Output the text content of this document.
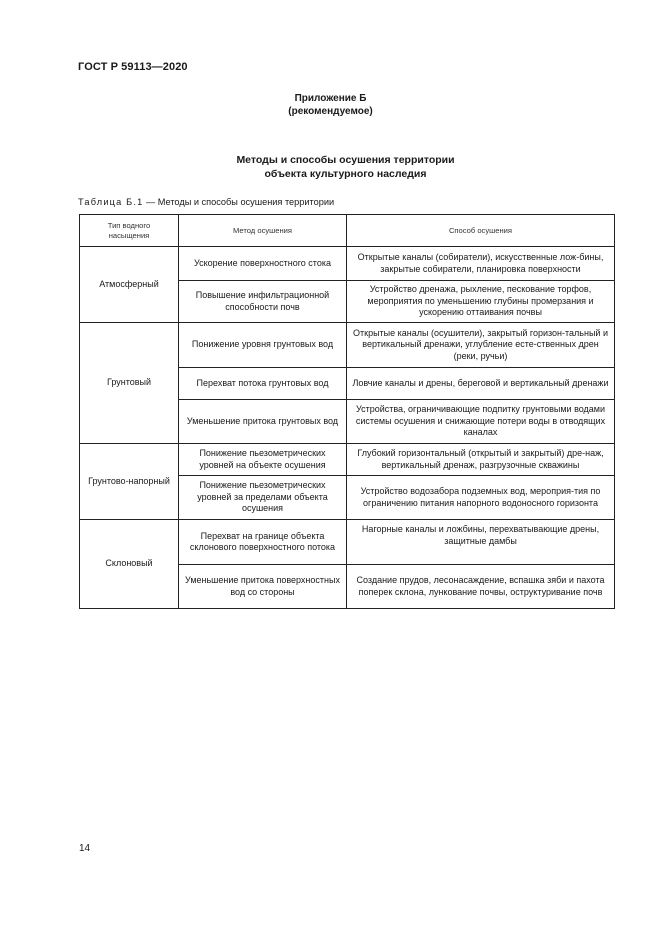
ГОСТ Р 59113—2020
Приложение Б
(рекомендуемое)
Методы и способы осушения территории
объекта культурного наследия
Таблица Б.1 — Методы и способы осушения территории
Тип водного
насыщения	Метод осушения	Способ осушения
Атмосферный	Ускорение поверхностного стока	Открытые каналы (собиратели), искусственные лож-бины, закрытые собиратели, планировка поверхности
	Повышение инфильтрационной способности почв	Устройство дренажа, рыхление, пескование торфов, мероприятия по уменьшению глубины промерзания и ускорению оттаивания почвы
Грунтовый	Понижение уровня грунтовых вод	Открытые каналы (осушители), закрытый горизон-тальный и вертикальный дренажи, углубление есте-ственных дрен (реки, ручьи)
	Перехват потока грунтовых вод	Ловчие каналы и дрены, береговой и вертикальный дренажи
	Уменьшение притока грунтовых вод	Устройства, ограничивающие подпитку грунтовыми водами системы осушения и снижающие потери воды в отводящих каналах
Грунтово-напорный	Понижение пьезометрических уровней на объекте осушения	Глубокий горизонтальный (открытый и закрытый) дре-наж, вертикальный дренаж, разгрузочные скважины
	Понижение пьезометрических уровней за пределами объекта осушения	Устройство водозабора подземных вод, мероприя-тия по ограничению питания напорного водоносного горизонта
Склоновый	Перехват на границе объекта склонового поверхностного потока	Нагорные каналы и ложбины, перехватывающие дрены, защитные дамбы
	Уменьшение притока поверхностных вод со стороны	Создание прудов, лесонасаждение, вспашка зяби и пахота поперек склона, лункование почвы, оструктуривание почв
14
